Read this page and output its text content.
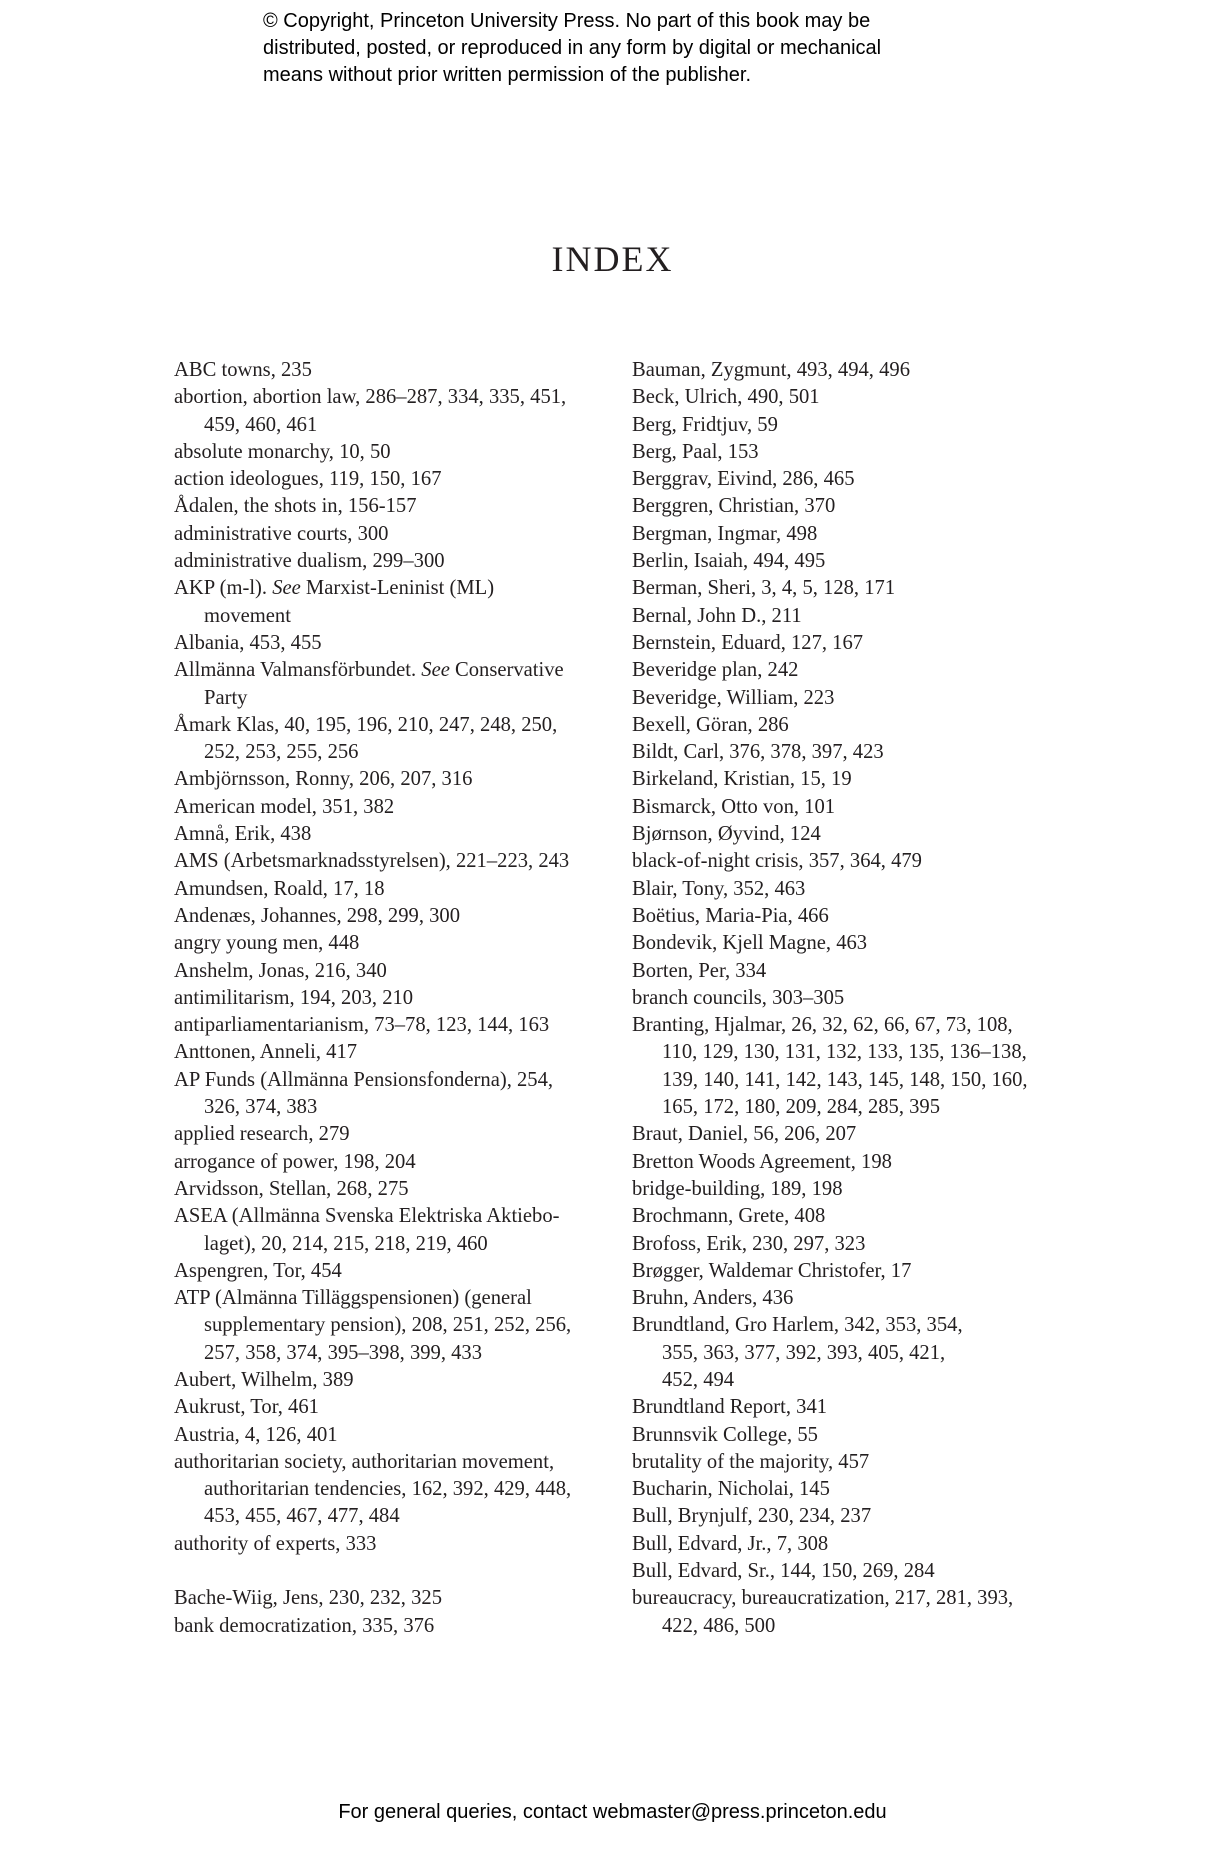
© Copyright, Princeton University Press. No part of this book may be
distributed, posted, or reproduced in any form by digital or mechanical
means without prior written permission of the publisher.
INDEX
ABC towns, 235
abortion, abortion law, 286–287, 334, 335, 451,
459, 460, 461
absolute monarchy, 10, 50
action ideologues, 119, 150, 167
Ådalen, the shots in, 156-157
administrative courts, 300
administrative dualism, 299–300
AKP (m-l). See Marxist-Leninist (ML)
movement
Albania, 453, 455
Allmänna Valmansförbundet. See Conservative
Party
Åmark Klas, 40, 195, 196, 210, 247, 248, 250,
252, 253, 255, 256
Ambjörnsson, Ronny, 206, 207, 316
American model, 351, 382
Amnå, Erik, 438
AMS (Arbetsmarknadsstyrelsen), 221–223, 243
Amundsen, Roald, 17, 18
Andenæs, Johannes, 298, 299, 300
angry young men, 448
Anshelm, Jonas, 216, 340
antimilitarism, 194, 203, 210
antiparliamentarianism, 73–78, 123, 144, 163
Anttonen, Anneli, 417
AP Funds (Allmänna Pensionsfonderna), 254,
326, 374, 383
applied research, 279
arrogance of power, 198, 204
Arvidsson, Stellan, 268, 275
ASEA (Allmänna Svenska Elektriska Aktiebo-
laget), 20, 214, 215, 218, 219, 460
Aspengren, Tor, 454
ATP (Almänna Tilläggspensionen) (general
supplementary pension), 208, 251, 252, 256,
257, 358, 374, 395–398, 399, 433
Aubert, Wilhelm, 389
Aukrust, Tor, 461
Austria, 4, 126, 401
authoritarian society, authoritarian movement,
authoritarian tendencies, 162, 392, 429, 448,
453, 455, 467, 477, 484
authority of experts, 333
Bache-Wiig, Jens, 230, 232, 325
bank democratization, 335, 376
Bauman, Zygmunt, 493, 494, 496
Beck, Ulrich, 490, 501
Berg, Fridtjuv, 59
Berg, Paal, 153
Berggrav, Eivind, 286, 465
Berggren, Christian, 370
Bergman, Ingmar, 498
Berlin, Isaiah, 494, 495
Berman, Sheri, 3, 4, 5, 128, 171
Bernal, John D., 211
Bernstein, Eduard, 127, 167
Beveridge plan, 242
Beveridge, William, 223
Bexell, Göran, 286
Bildt, Carl, 376, 378, 397, 423
Birkeland, Kristian, 15, 19
Bismarck, Otto von, 101
Bjørnson, Øyvind, 124
black-of-night crisis, 357, 364, 479
Blair, Tony, 352, 463
Boëtius, Maria-Pia, 466
Bondevik, Kjell Magne, 463
Borten, Per, 334
branch councils, 303–305
Branting, Hjalmar, 26, 32, 62, 66, 67, 73, 108,
110, 129, 130, 131, 132, 133, 135, 136–138,
139, 140, 141, 142, 143, 145, 148, 150, 160,
165, 172, 180, 209, 284, 285, 395
Braut, Daniel, 56, 206, 207
Bretton Woods Agreement, 198
bridge-building, 189, 198
Brochmann, Grete, 408
Brofoss, Erik, 230, 297, 323
Brøgger, Waldemar Christofer, 17
Bruhn, Anders, 436
Brundtland, Gro Harlem, 342, 353, 354,
355, 363, 377, 392, 393, 405, 421,
452, 494
Brundtland Report, 341
Brunnsvik College, 55
brutality of the majority, 457
Bucharin, Nicholai, 145
Bull, Brynjulf, 230, 234, 237
Bull, Edvard, Jr., 7, 308
Bull, Edvard, Sr., 144, 150, 269, 284
bureaucracy, bureaucratization, 217, 281, 393,
422, 486, 500
For general queries, contact webmaster@press.princeton.edu
